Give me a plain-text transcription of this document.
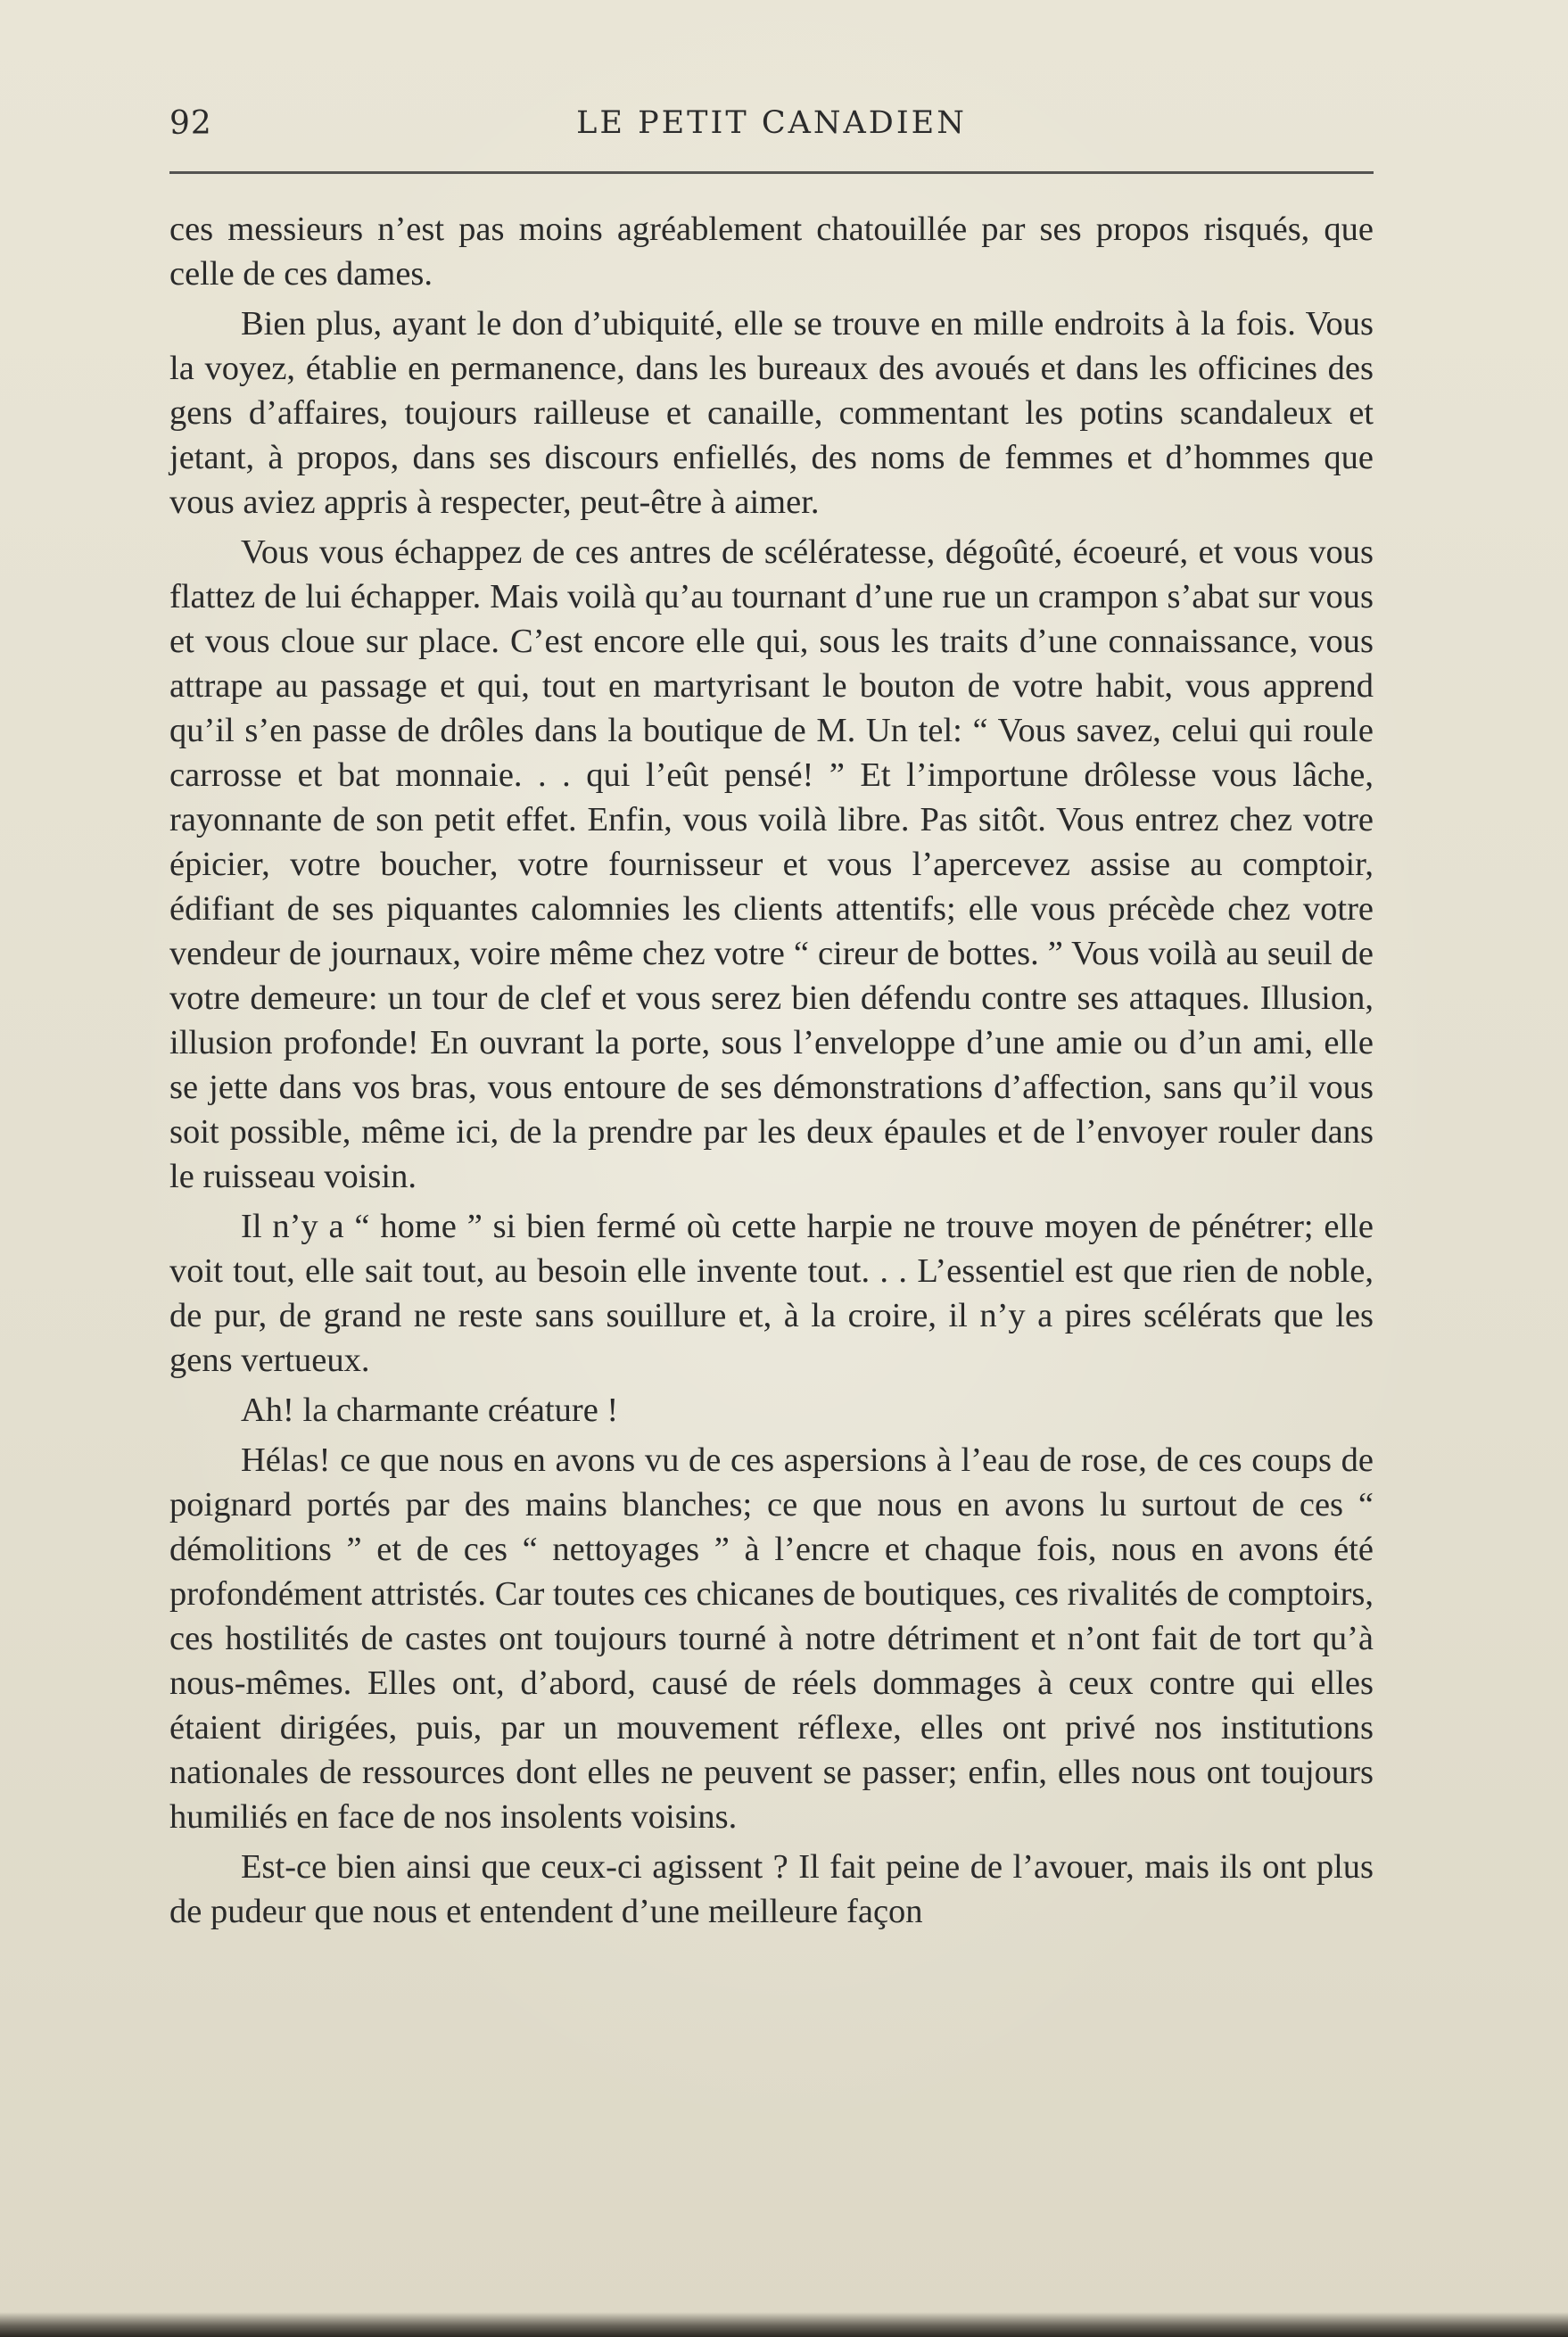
92	LE PETIT CANADIEN

ces messieurs n’est pas moins agréablement chatouillée par ses propos risqués, que celle de ces dames.

Bien plus, ayant le don d’ubiquité, elle se trouve en mille endroits à la fois. Vous la voyez, établie en permanence, dans les bureaux des avoués et dans les officines des gens d’affaires, toujours railleuse et canaille, commentant les potins scandaleux et jetant, à propos, dans ses discours enfiellés, des noms de femmes et d’hommes que vous aviez appris à respecter, peut-être à aimer.

Vous vous échappez de ces antres de scélératesse, dégoûté, écoeuré, et vous vous flattez de lui échapper. Mais voilà qu’au tournant d’une rue un crampon s’abat sur vous et vous cloue sur place. C’est encore elle qui, sous les traits d’une connaissance, vous attrape au passage et qui, tout en martyrisant le bouton de votre habit, vous apprend qu’il s’en passe de drôles dans la boutique de M. Un tel: “ Vous savez, celui qui roule carrosse et bat monnaie. . . qui l’eût pensé! ” Et l’importune drôlesse vous lâche, rayonnante de son petit effet. Enfin, vous voilà libre. Pas sitôt. Vous entrez chez votre épicier, votre boucher, votre fournisseur et vous l’apercevez assise au comptoir, édifiant de ses piquantes calomnies les clients attentifs; elle vous précède chez votre vendeur de journaux, voire même chez votre “ cireur de bottes. ” Vous voilà au seuil de votre demeure: un tour de clef et vous serez bien défendu contre ses attaques. Illusion, illusion profonde! En ouvrant la porte, sous l’enveloppe d’une amie ou d’un ami, elle se jette dans vos bras, vous entoure de ses démonstrations d’affection, sans qu’il vous soit possible, même ici, de la prendre par les deux épaules et de l’envoyer rouler dans le ruisseau voisin.

Il n’y a “ home ” si bien fermé où cette harpie ne trouve moyen de pénétrer; elle voit tout, elle sait tout, au besoin elle invente tout. . . L’essentiel est que rien de noble, de pur, de grand ne reste sans souillure et, à la croire, il n’y a pires scélérats que les gens vertueux.

Ah! la charmante créature !

Hélas! ce que nous en avons vu de ces aspersions à l’eau de rose, de ces coups de poignard portés par des mains blanches; ce que nous en avons lu surtout de ces “ démolitions ” et de ces “ nettoyages ” à l’encre et chaque fois, nous en avons été profondément attristés. Car toutes ces chicanes de boutiques, ces rivalités de comptoirs, ces hostilités de castes ont toujours tourné à notre détriment et n’ont fait de tort qu’à nous-mêmes. Elles ont, d’abord, causé de réels dommages à ceux contre qui elles étaient dirigées, puis, par un mouvement réflexe, elles ont privé nos institutions nationales de ressources dont elles ne peuvent se passer; enfin, elles nous ont toujours humiliés en face de nos insolents voisins.

Est-ce bien ainsi que ceux-ci agissent ? Il fait peine de l’avouer, mais ils ont plus de pudeur que nous et entendent d’une meilleure façon
